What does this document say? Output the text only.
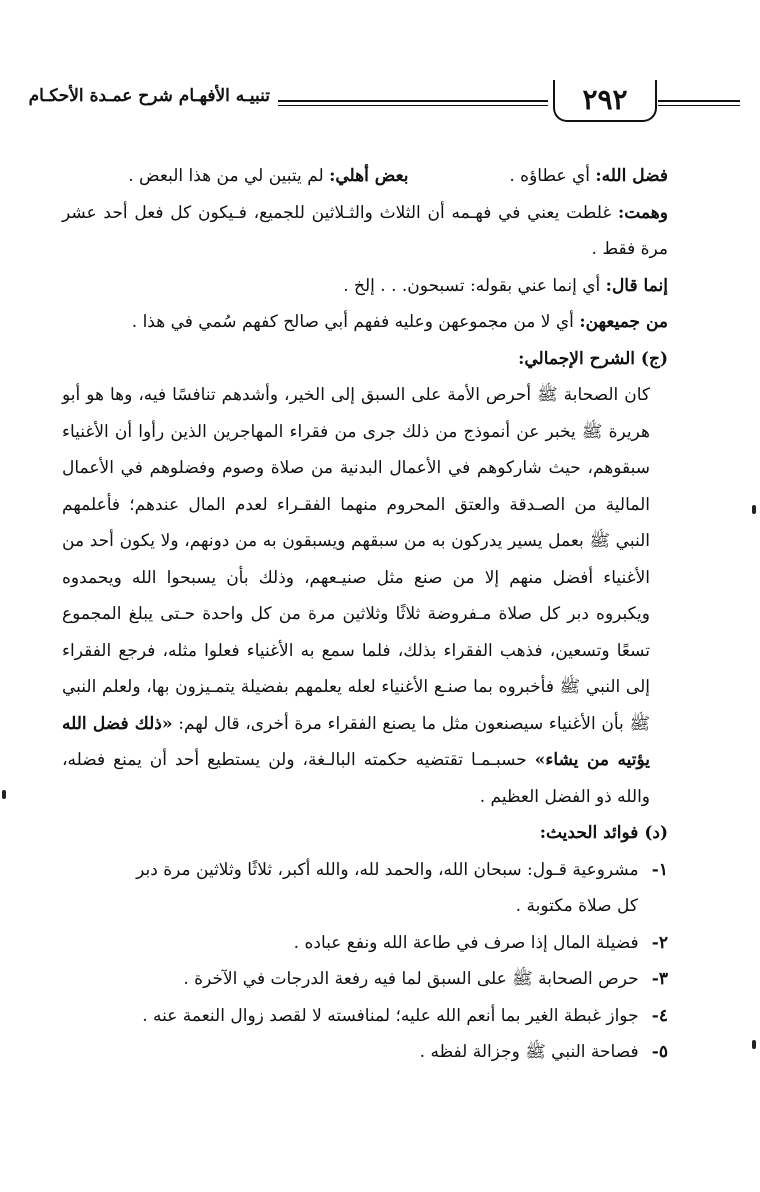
تنبيـه الأفهـام شرح عمـدة الأحكـام	٢٩٢

فضل الله: أي عطاؤه .  بعض أهلي: لم يتبين لي من هذا البعض .

وهمت: غلطت يعني في فهـمه أن الثلاث والثـلاثين للجميع، فـيكون كل فعل أحد عشر مرة فقط .

إنما قال: أي إنما عني بقوله: تسبحون. . . إلخ .

من جميعهن: أي لا من مجموعهن وعليه ففهم أبي صالح كفهم سُمي في هذا .

(ج) الشرح الإجمالي:

كان الصحابة ﷺ أحرص الأمة على السبق إلى الخير، وأشدهم تنافسًا فيه، وها هو أبو هريرة ﷺ يخبر عن أنموذج من ذلك جرى من فقراء المهاجرين الذين رأوا أن الأغنياء سبقوهم، حيث شاركوهم في الأعمال البدنية من صلاة وصوم وفضلوهم في الأعمال المالية من الصـدقة والعتق المحروم منهما الفقـراء لعدم المال عندهم؛ فأعلمهم النبي ﷺ بعمل يسير يدركون به من سبقهم ويسبقون به من دونهم، ولا يكون أحد من الأغنياء أفضل منهم إلا من صنع مثل صنيـعهم، وذلك بأن يسبحوا الله ويحمدوه ويكبروه دبر كل صلاة مـفروضة ثلاثًا وثلاثين مرة من كل واحدة حـتى يبلغ المجموع تسعًا وتسعين، فذهب الفقراء بذلك، فلما سمع به الأغنياء فعلوا مثله، فرجع الفقراء إلى النبي ﷺ فأخبروه بما صنـع الأغنياء لعله يعلمهم بفضيلة يتمـيزون بها، ولعلم النبي ﷺ بأن الأغنياء سيصنعون مثل ما يصنع الفقراء مرة أخرى، قال لهم: «ذلك فضل الله يؤتيه من يشاء» حسبـمـا تقتضيه حكمته البالـغة، ولن يستطيع أحد أن يمنع فضله، والله ذو الفضل العظيم .

(د) فوائد الحديث:

١- مشروعية قـول: سبحان الله، والحمد لله، والله أكبر، ثلاثًا وثلاثين مرة دبر

كل صلاة مكتوبة .

٢- فضيلة المال إذا صرف في طاعة الله ونفع عباده .

٣- حرص الصحابة ﷺ على السبق لما فيه رفعة الدرجات في الآخرة .

٤- جواز غبطة الغير بما أنعم الله عليه؛ لمنافسته لا لقصد زوال النعمة عنه .

٥- فصاحة النبي ﷺ وجزالة لفظه .
